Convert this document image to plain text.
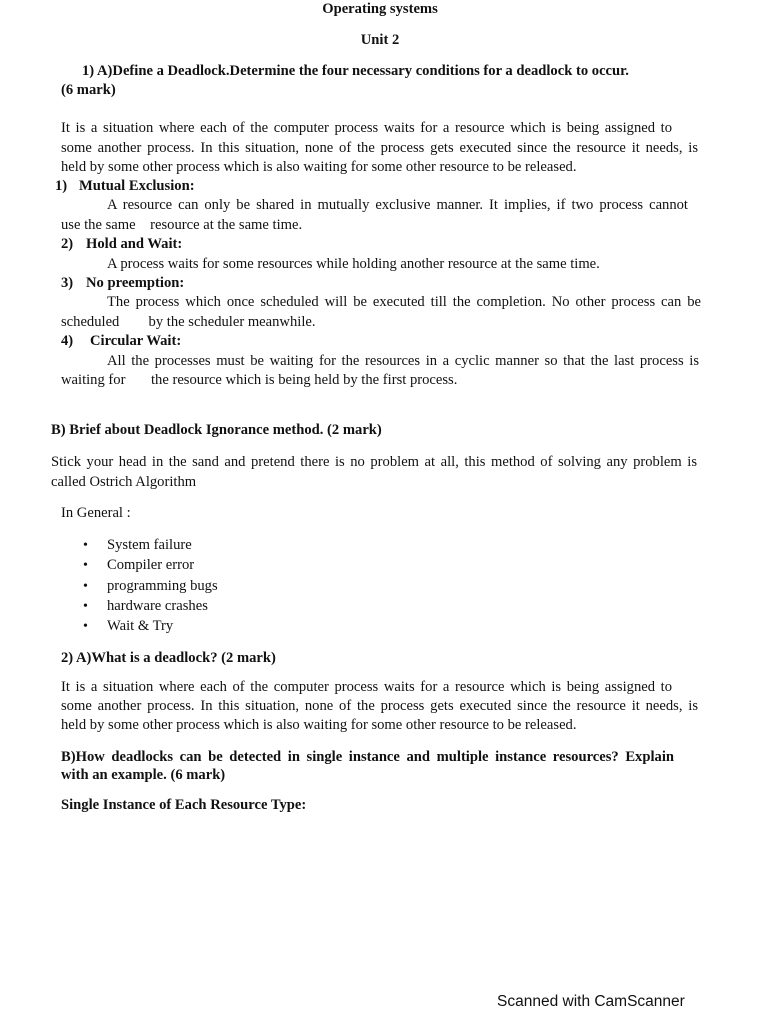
Operating systems
Unit 2
1) A)Define a Deadlock.Determine the four necessary conditions for a deadlock to occur.
(6 mark)
It is a situation where each of the computer process waits for a resource which is being assigned to
some another process. In this situation, none of the process gets executed since the resource it needs, is
held by some other process which is also waiting for some other resource to be released.
1) Mutual Exclusion:
A resource can only be shared in mutually exclusive manner. It implies, if two process cannot
use the same    resource at the same time.
2) Hold and Wait:
A process waits for some resources while holding another resource at the same time.
3) No preemption:
The process which once scheduled will be executed till the completion. No other process can be
scheduled        by the scheduler meanwhile.
4) Circular Wait:
All the processes must be waiting for the resources in a cyclic manner so that the last process is
waiting for       the resource which is being held by the first process.
B) Brief about Deadlock Ignorance method. (2 mark)
Stick your head in the sand and pretend there is no problem at all, this method of solving any problem is
called Ostrich Algorithm
In General :
• System failure
• Compiler error
• programming bugs
• hardware crashes
• Wait & Try
2) A)What is a deadlock? (2 mark)
It is a situation where each of the computer process waits for a resource which is being assigned to
some another process. In this situation, none of the process gets executed since the resource it needs, is
held by some other process which is also waiting for some other resource to be released.
B)How deadlocks can be detected in single instance and multiple instance resources? Explain
with an example. (6 mark)
Single Instance of Each Resource Type:
Scanned with CamScanner
